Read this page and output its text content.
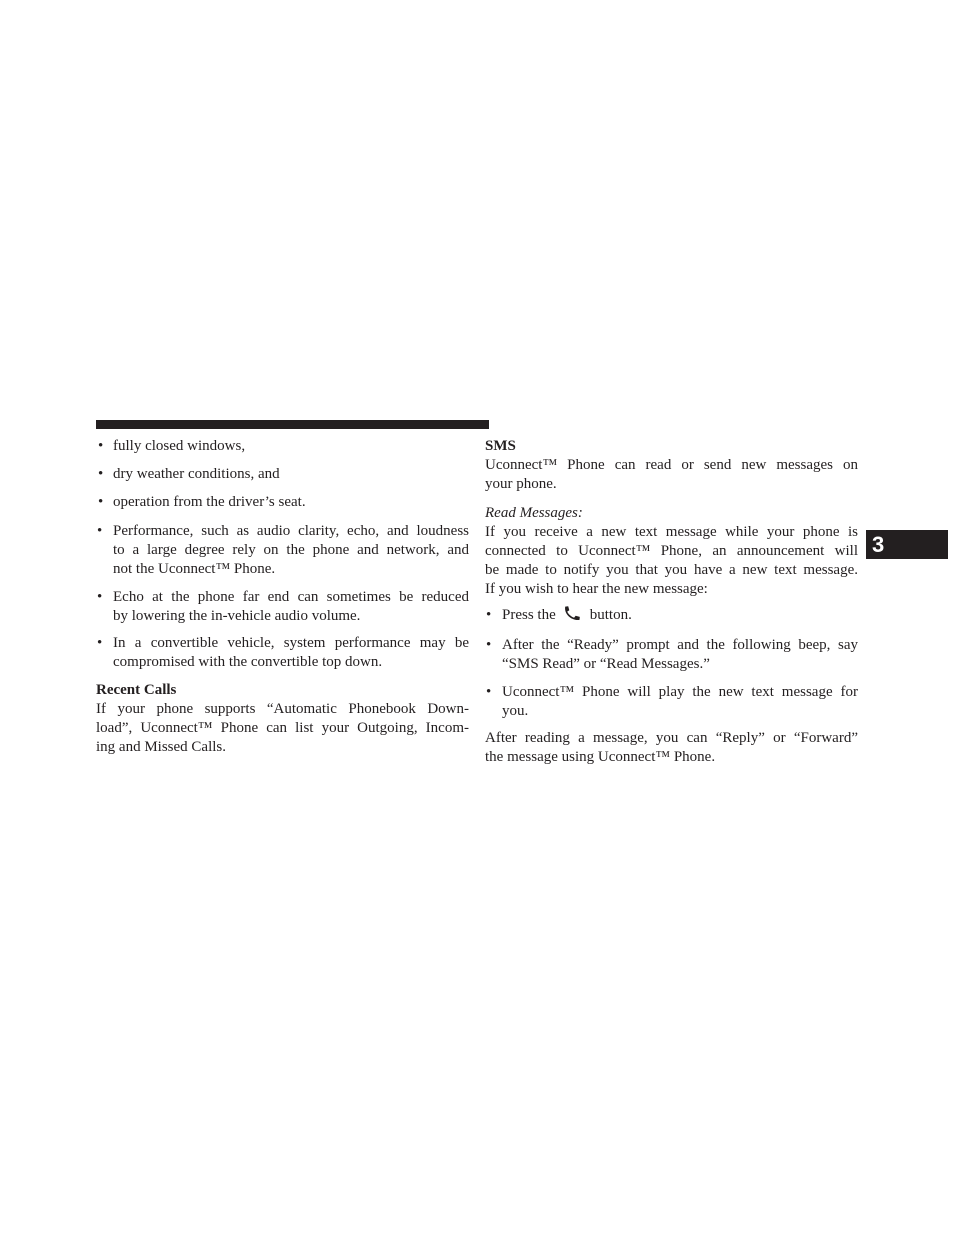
• fully closed windows,
• dry weather conditions, and
• operation from the driver’s seat.
• Performance, such as audio clarity, echo, and loudness
to a large degree rely on the phone and network, and
not the Uconnect™ Phone.
• Echo at the phone far end can sometimes be reduced
by lowering the in-vehicle audio volume.
• In a convertible vehicle, system performance may be
compromised with the convertible top down.
Recent Calls
If your phone supports “Automatic Phonebook Down-
load”, Uconnect™ Phone can list your Outgoing, Incom-
ing and Missed Calls.
SMS
Uconnect™ Phone can read or send new messages on
your phone.
Read Messages:
If you receive a new text message while your phone is
connected to Uconnect™ Phone, an announcement will
be made to notify you that you have a new text message.
If you wish to hear the new message:
• Press the button.
• After the “Ready” prompt and the following beep, say
“SMS Read” or “Read Messages.”
• Uconnect™ Phone will play the new text message for
you.
After reading a message, you can “Reply” or “Forward”
the message using Uconnect™ Phone.
3
